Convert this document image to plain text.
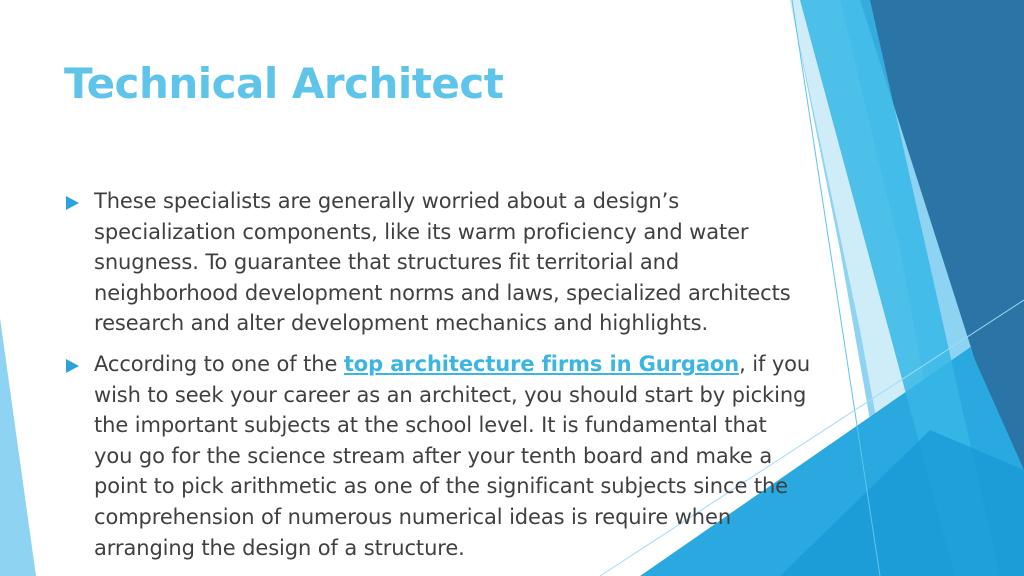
Technical Architect
These specialists are generally worried about a design’s
specialization components, like its warm proficiency and water
snugness. To guarantee that structures fit territorial and
neighborhood development norms and laws, specialized architects
research and alter development mechanics and highlights.
According to one of the top architecture firms in Gurgaon, if you
wish to seek your career as an architect, you should start by picking
the important subjects at the school level. It is fundamental that
you go for the science stream after your tenth board and make a
point to pick arithmetic as one of the significant subjects since the
comprehension of numerous numerical ideas is require when
arranging the design of a structure.
